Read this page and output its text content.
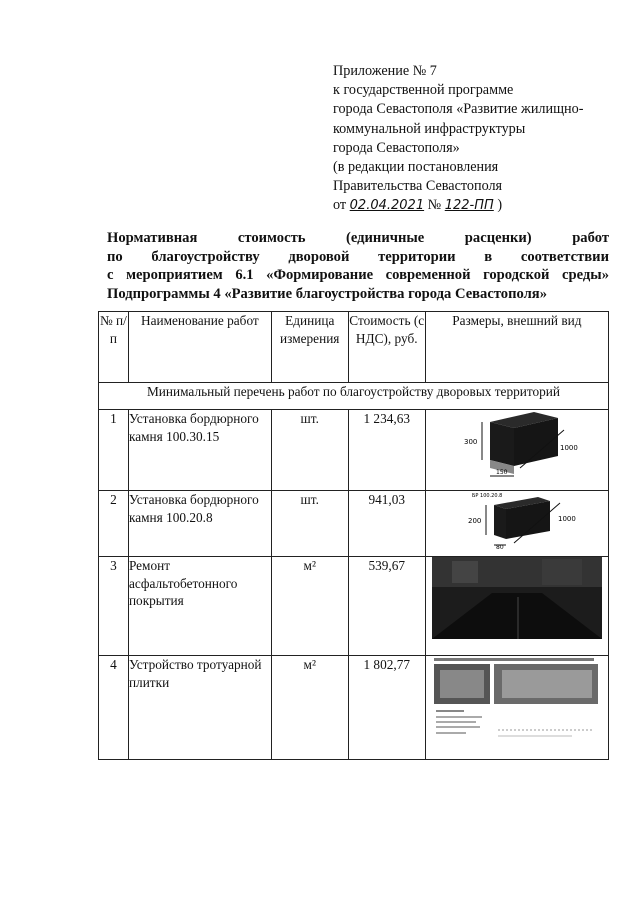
Приложение № 7
к государственной программе
города Севастополя «Развитие жилищно-
коммунальной инфраструктуры
города Севастополя»
(в редакции постановления
Правительства Севастополя
от 02.04.2021 № 122-ПП )
Нормативная стоимость (единичные расценки) работ
по благоустройству дворовой территории в соответствии
с мероприятием 6.1 «Формирование современной городской среды»
Подпрограммы 4 «Развитие благоустройства города Севастополя»
№ п/п	Наименование работ	Единица измерения	Стоимость (с НДС), руб.	Размеры, внешний вид
Минимальный перечень работ по благоустройству дворовых территорий				
1	Установка бордюрного камня 100.30.15	шт.	1 234,63	300
1000
150

2	Установка бордюрного камня 100.20.8	шт.	941,03	БР 100.20.8
200 1000
80

3	Ремонт асфальтобетонного покрытия	м²	539,67	

4	Устройство тротуарной плитки	м²	1 802,77	
